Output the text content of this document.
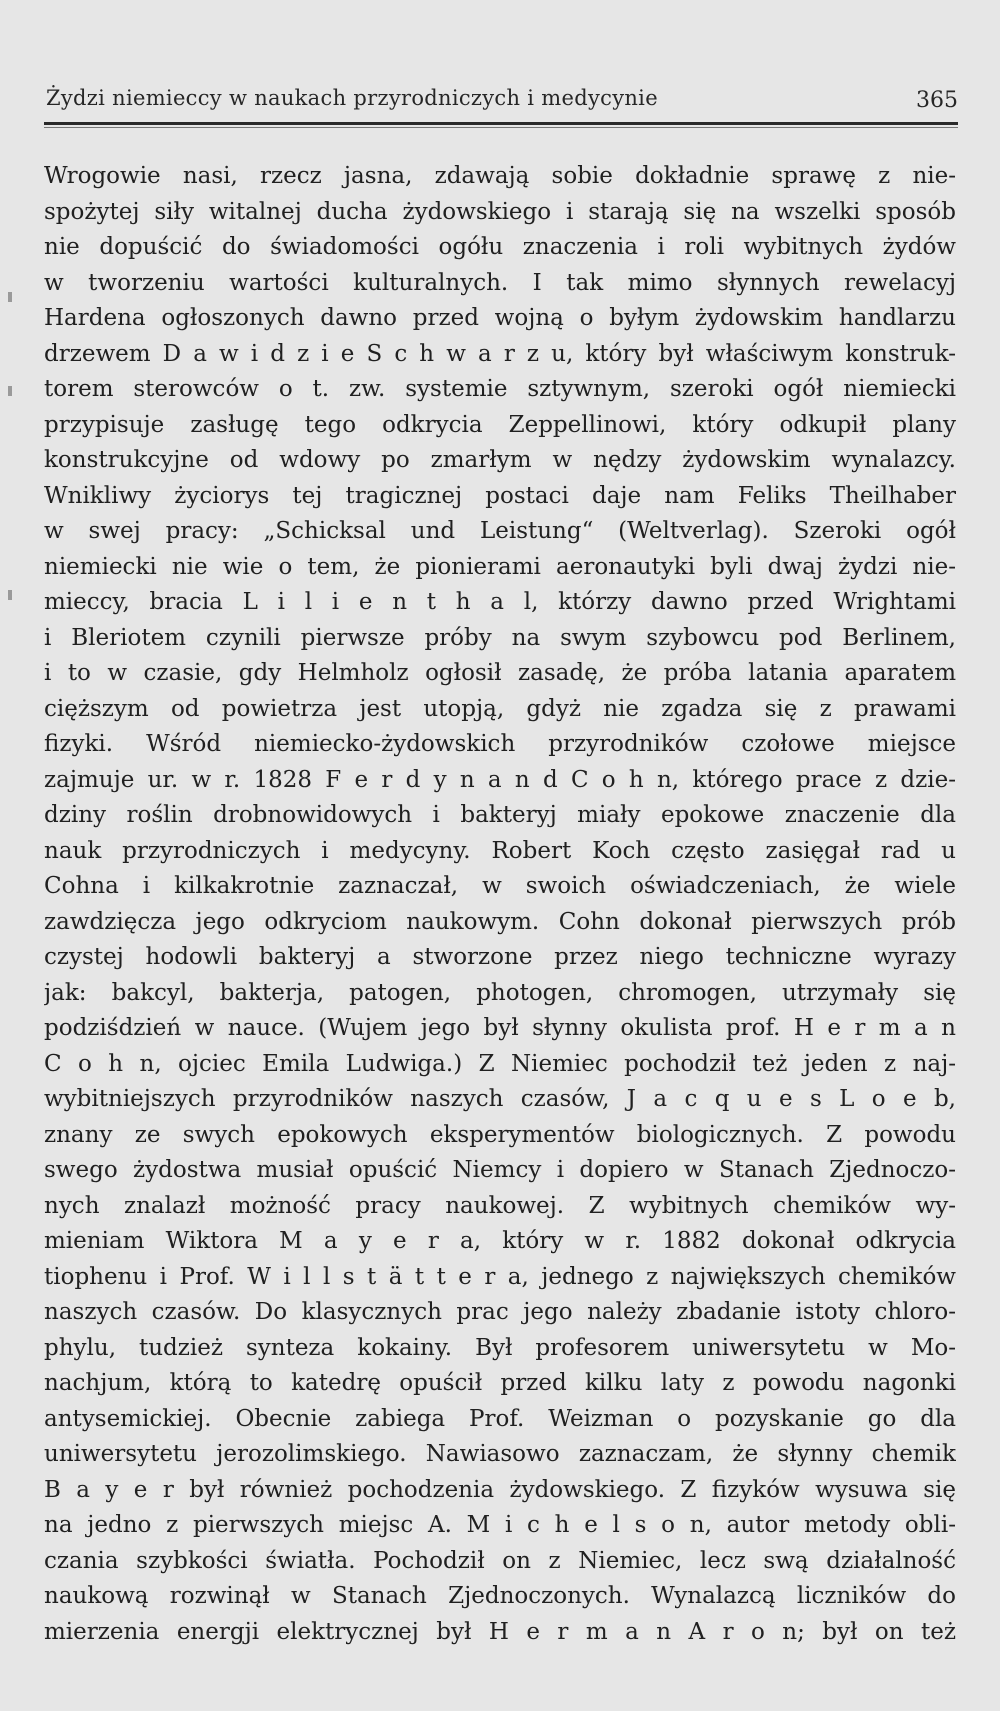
Żydzi niemieccy w naukach przyrodniczych i medycynie	365
Wrogowie nasi, rzecz jasna, zdawają sobie dokładnie sprawę z nie-
spożytej siły witalnej ducha żydowskiego i starają się na wszelki sposób
nie dopuścić do świadomości ogółu znaczenia i roli wybitnych żydów
w tworzeniu wartości kulturalnych. I tak mimo słynnych rewelacyj
Hardena ogłoszonych dawno przed wojną o byłym żydowskim handlarzu
drzewem D a w i d z i e S c h w a r z u, który był właściwym konstruk-
torem sterowców o t. zw. systemie sztywnym, szeroki ogół niemiecki
przypisuje zasługę tego odkrycia Zeppellinowi, który odkupił plany
konstrukcyjne od wdowy po zmarłym w nędzy żydowskim wynalazcy.
Wnikliwy życiorys tej tragicznej postaci daje nam Feliks Theilhaber
w swej pracy: „Schicksal und Leistung“ (Weltverlag). Szeroki ogół
niemiecki nie wie o tem, że pionierami aeronautyki byli dwaj żydzi nie-
mieccy, bracia L i l i e n t h a l, którzy dawno przed Wrightami
i Bleriotem czynili pierwsze próby na swym szybowcu pod Berlinem,
i to w czasie, gdy Helmholz ogłosił zasadę, że próba latania aparatem
cięższym od powietrza jest utopją, gdyż nie zgadza się z prawami
fizyki. Wśród niemiecko-żydowskich przyrodników czołowe miejsce
zajmuje ur. w r. 1828 F e r d y n a n d C o h n, którego prace z dzie-
dziny roślin drobnowidowych i bakteryj miały epokowe znaczenie dla
nauk przyrodniczych i medycyny. Robert Koch często zasięgał rad u
Cohna i kilkakrotnie zaznaczał, w swoich oświadczeniach, że wiele
zawdzięcza jego odkryciom naukowym. Cohn dokonał pierwszych prób
czystej hodowli bakteryj a stworzone przez niego techniczne wyrazy
jak: bakcyl, bakterja, patogen, photogen, chromogen, utrzymały się
podziśdzień w nauce. (Wujem jego był słynny okulista prof. H e r m a n
C o h n, ojciec Emila Ludwiga.) Z Niemiec pochodził też jeden z naj-
wybitniejszych przyrodników naszych czasów, J a c q u e s L o e b,
znany ze swych epokowych eksperymentów biologicznych. Z powodu
swego żydostwa musiał opuścić Niemcy i dopiero w Stanach Zjednoczo-
nych znalazł możność pracy naukowej. Z wybitnych chemików wy-
mieniam Wiktora M a y e r a, który w r. 1882 dokonał odkrycia
tiophenu i Prof. W i l l s t ä t t e r a, jednego z największych chemików
naszych czasów. Do klasycznych prac jego należy zbadanie istoty chloro-
phylu, tudzież synteza kokainy. Był profesorem uniwersytetu w Mo-
nachjum, którą to katedrę opuścił przed kilku laty z powodu nagonki
antysemickiej. Obecnie zabiega Prof. Weizman o pozyskanie go dla
uniwersytetu jerozolimskiego. Nawiasowo zaznaczam, że słynny chemik
B a y e r był również pochodzenia żydowskiego. Z fizyków wysuwa się
na jedno z pierwszych miejsc A. M i c h e l s o n, autor metody obli-
czania szybkości światła. Pochodził on z Niemiec, lecz swą działalność
naukową rozwinął w Stanach Zjednoczonych. Wynalazcą liczników do
mierzenia energji elektrycznej był H e r m a n A r o n; był on też
